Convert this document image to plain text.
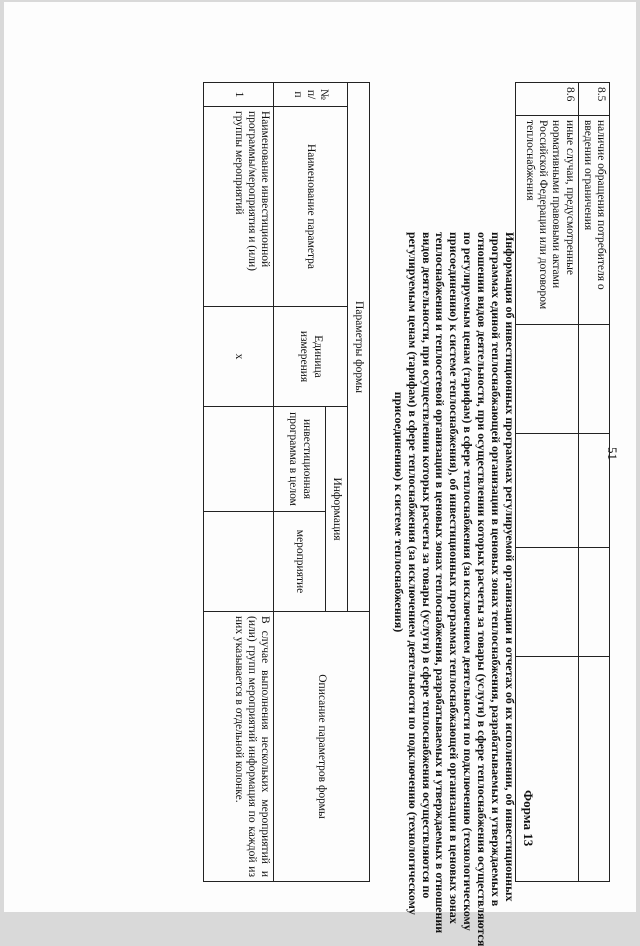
51
8.5	наличие обращения потребителя о введении ограничения				
8.6	иные случаи, предусмотренные нормативными правовыми актами Российской Федерации или договором теплоснабжения				
Форма 13
Информация об инвестиционных программах регулируемой организации и отчетах об их исполнении, об инвестиционных
программах единой теплоснабжающей организации в ценовых зонах теплоснабжения, разрабатываемых и утверждаемых в
отношении видов деятельности, при осуществлении которых расчеты за товары (услуги) в сфере теплоснабжения осуществляются
по регулируемым ценам (тарифам) в сфере теплоснабжения (за исключением деятельности по подключению (технологическому
присоединению) к системе теплоснабжения), об инвестиционных программах теплоснабжающей организации в ценовых зонах
теплоснабжения и теплосетевой организации в ценовых зонах теплоснабжения, разрабатываемых и утверждаемых в отношении
видов деятельности, при осуществлении которых расчеты за товары (услуги) в сфере теплоснабжения осуществляются по
регулируемым ценам (тарифам) в сфере теплоснабжения (за исключением деятельности по подключению (технологическому
присоединению) к системе теплоснабжения)
Параметры формы					Описание параметров формы
№ п/п	Наименование параметра	Единица измерения	Информация		
			инвестиционная программа в целом	мероприятие	
1	Наименование инвестиционной программы/мероприятия и (или) группы мероприятий	x			В случае выполнения нескольких мероприятий и (или) групп мероприятий информация по каждой из них указывается в отдельной колонке.
